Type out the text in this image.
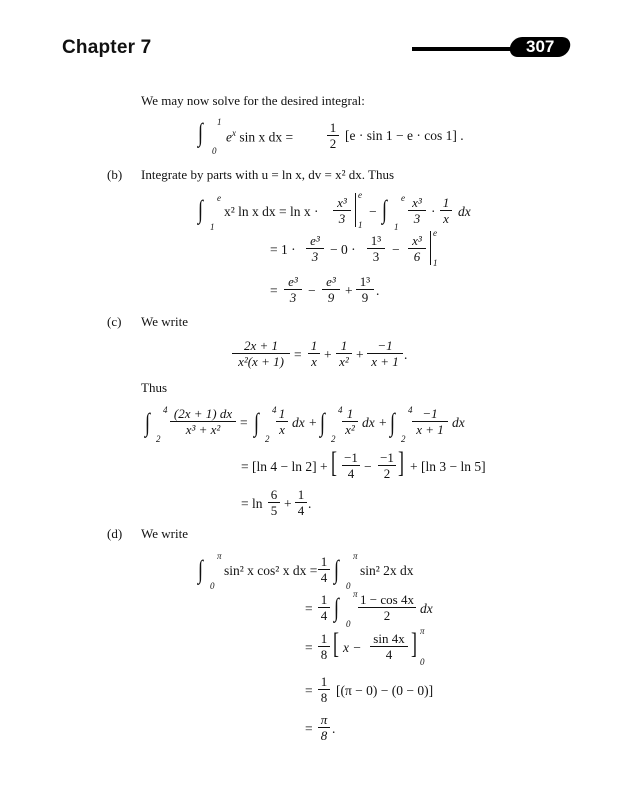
Chapter 7	307
We may now solve for the desired integral:
∫ 1
0
$e^x$ sin x dx =	$\frac{1}{2} [e \cdot \sin 1 - e \cdot \cos 1]$ .
(b) Integrate by parts with u = ln x, dv = x² dx. Thus
∫ e
1
x² ln x dx = $\ln x \cdot \frac{\text{x³}}{3}$ e
1
− ∫ e
1
$\frac{\text{x³}}{3} \cdot \frac{1}{x}$ dx
= $1 \cdot \frac{\text{e³}}{3} - 0 \cdot \frac{\text{1³}}{3} - \frac{\text{x³}}{6}$ e
1
= $\frac{\text{e³}}{3} - \frac{\text{e³}}{9} + \frac{\text{1³}}{9}$ .
(c) We write
$\frac{2x + 1}{\text{x²(x + 1)}} = \frac{1}{x} + \frac{1}{\text{x²}} + \frac{-1}{x + 1}$ .
Thus
∫ 4
2
$\frac{(2x + 1) dx}{\text{x³ + x²}}$ = ∫ 4
2
$\frac{1}{x}$ dx + ∫ 4
2
$\frac{1}{\text{x²}}$ dx + ∫ 4
2
$\frac{-1}{x + 1}$ dx
= [ln 4 − ln 2] + [ $\frac{-1}{4} - \frac{-1}{2}$ ] + [ln 3 − ln 5]
= $\ln \frac{6}{5} + \frac{1}{4}$ .
(d) We write
∫ π
0
sin² x cos² x dx = $\frac{1}{4}$ ∫ π
0
sin² 2x dx
= $\frac{1}{4}$ ∫ π
0
$\frac{1 - \cos 4x}{2}$ dx
= $\frac{1}{8}$ [ $x - \frac{\sin 4x}{4}$ ] π
0
= $\frac{1}{8} [(\pi - 0) - (0 - 0)]$
= $\frac{\pi}{8}$ .
